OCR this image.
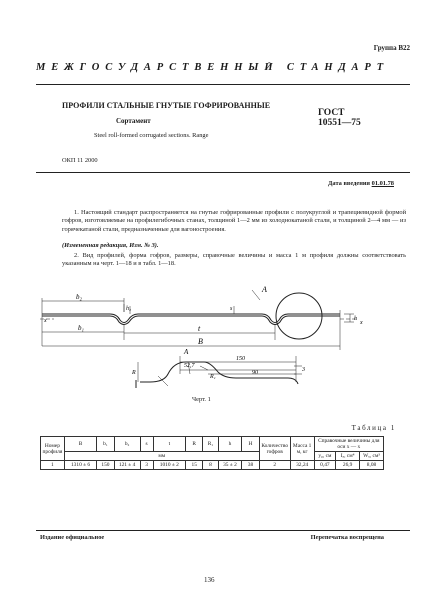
Группа В22
МЕЖГОСУДАРСТВЕННЫЙ СТАНДАРТ
ПРОФИЛИ СТАЛЬНЫЕ ГНУТЫЕ ГОФРИРОВАННЫЕ
Сортамент
Steel roll-formed corrugated sections. Range
ГОСТ
10551—75
ОКП 11 2000
Дата введения 01.01.78
1. Настоящий стандарт распространяется на гнутые гофрированные профили с полукруглой и трапециевидной формой гофров, изготовляемые на профилегибочных станах, толщиной 1—2 мм из холоднокатаной стали, и толщиной 2—4 мм — из горячекатаной стали, предназначенные для вагоностроения.
(Измененная редакция, Изм. № 3).
2. Вид профилей, форма гофров, размеры, справочные величины и масса 1 м профиля должны соответствовать указанным на черт. 1—18 и в табл. 1—18.
b₂
h₂	s
A
x	h
x
b₁	t
B
A
150
52,7
90	3
R
R₁
Черт. 1
Таблица 1
Номер профиля	B	b₁	b₂	s	t	R	R₁	h	H	Количество гофров	Масса 1 м, кг	Справочные величины для оси x — x		
	мм											y₀, см	Iₓ, см⁴	Wₓ, см³
1	1310 ± 6	150	121 ± 4	3	1010 ± 2	15	8	35 ± 2	38	2	32,24	0,47	26,9	8,08
Издание официальное	Перепечатка воспрещена
136
